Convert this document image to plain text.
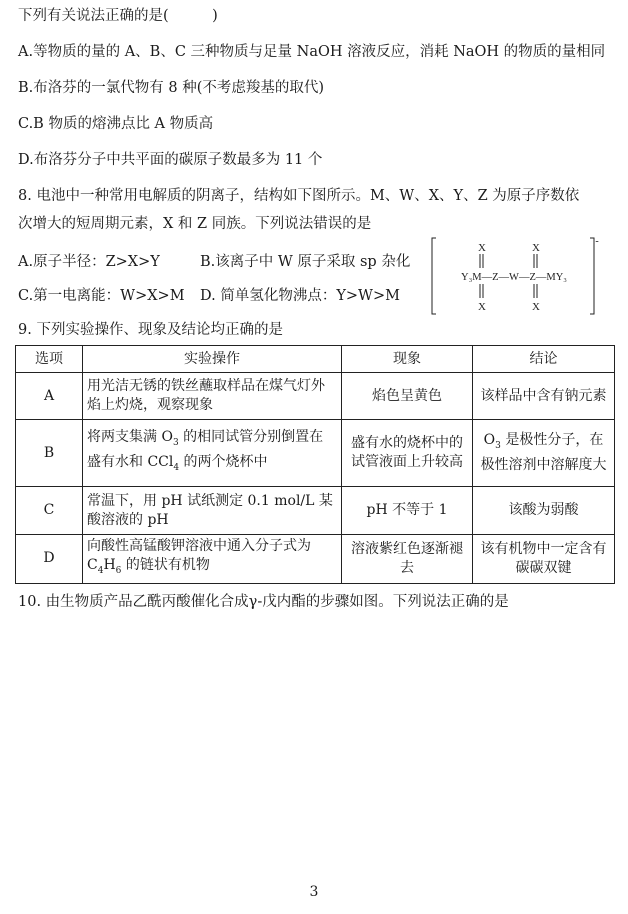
下列有关说法正确的是(　　　)
A.等物质的量的 A、B、C 三种物质与足量 NaOH 溶液反应，消耗 NaOH 的物质的量相同
B.布洛芬的一氯代物有 8 种(不考虑羧基的取代)
C.B 物质的熔沸点比 A 物质高
D.布洛芬分子中共平面的碳原子数最多为 11 个
8. 电池中一种常用电解质的阴离子，结构如下图所示。M、W、X、Y、Z 为原子序数依
次增大的短周期元素，X 和 Z 同族。下列说法错误的是
A.原子半径：Z>X>Y	B.该离子中 W 原子采取 sp 杂化
C.第一电离能：W>X>M D. 简单氢化物沸点：Y>W>M
X	X
X	X
Y₃M—Z—W—Z—MY₃
-
9. 下列实验操作、现象及结论均正确的是
选项	实验操作	现象	结论
A	用光洁无锈的铁丝蘸取样品在煤气灯外焰上灼烧，观察现象	焰色呈黄色	该样品中含有钠元素
B	将两支集满 $O_3$ 的相同试管分别倒置在盛有水和 CCl$_4$ 的两个烧杯中	盛有水的烧杯中的试管液面上升较高	$O_3$ 是极性分子，在极性溶剂中溶解度大
C	常温下，用 pH 试纸测定 0.1 mol/L 某酸溶液的 pH	pH 不等于 1	该酸为弱酸
D	向酸性高锰酸钾溶液中通入分子式为 $C_4H_6$ 的链状有机物	溶液紫红色逐渐褪去	该有机物中一定含有碳碳双键
10. 由生物质产品乙酰丙酸催化合成γ-戊内酯的步骤如图。下列说法正确的是
3
